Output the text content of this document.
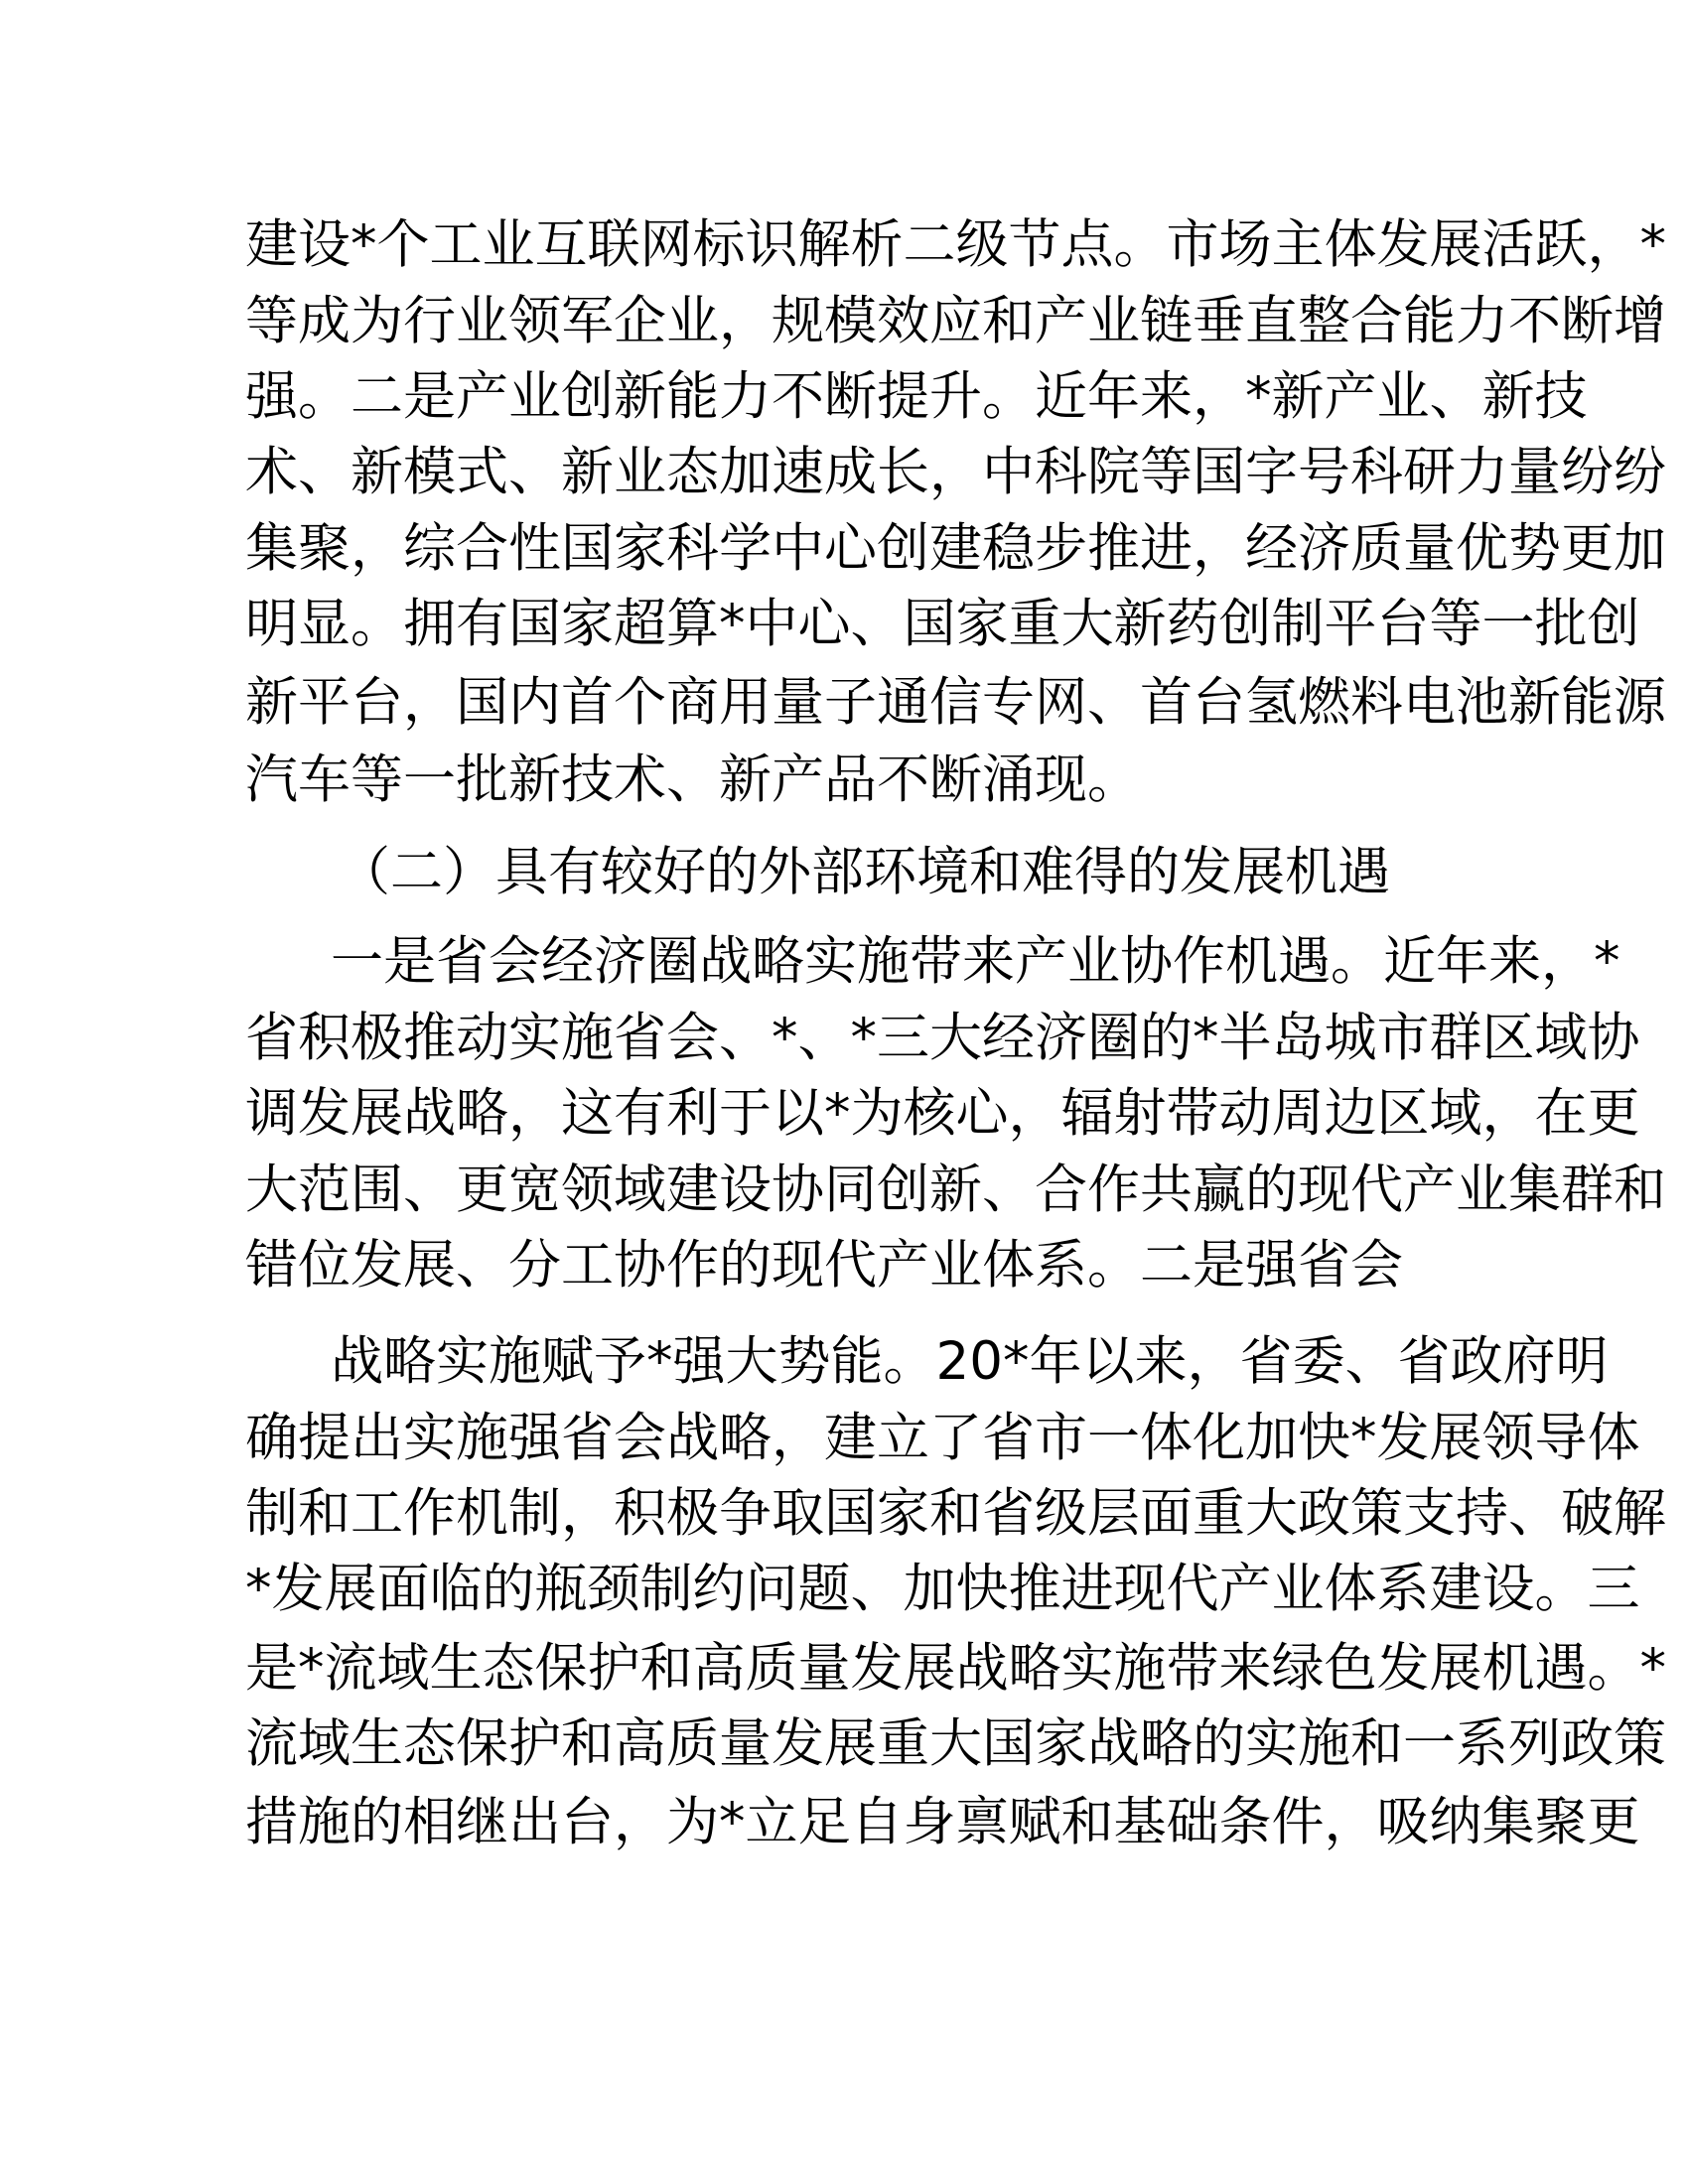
建设*个工业互联网标识解析二级节点。市场主体发展活跃，*
等成为行业领军企业，规模效应和产业链垂直整合能力不断增
强。二是产业创新能力不断提升。近年来，*新产业、新技
术、新模式、新业态加速成长，中科院等国字号科研力量纷纷
集聚，综合性国家科学中心创建稳步推进，经济质量优势更加
明显。拥有国家超算*中心、国家重大新药创制平台等一批创
新平台，国内首个商用量子通信专网、首台氢燃料电池新能源
汽车等一批新技术、新产品不断涌现。
（二）具有较好的外部环境和难得的发展机遇
一是省会经济圈战略实施带来产业协作机遇。近年来，*
省积极推动实施省会、*、*三大经济圈的*半岛城市群区域协
调发展战略，这有利于以*为核心，辐射带动周边区域，在更
大范围、更宽领域建设协同创新、合作共赢的现代产业集群和
错位发展、分工协作的现代产业体系。二是强省会
战略实施赋予*强大势能。20*年以来，省委、省政府明
确提出实施强省会战略，建立了省市一体化加快*发展领导体
制和工作机制，积极争取国家和省级层面重大政策支持、破解
*发展面临的瓶颈制约问题、加快推进现代产业体系建设。三
是*流域生态保护和高质量发展战略实施带来绿色发展机遇。*
流域生态保护和高质量发展重大国家战略的实施和一系列政策
措施的相继出台，为*立足自身禀赋和基础条件，吸纳集聚更
